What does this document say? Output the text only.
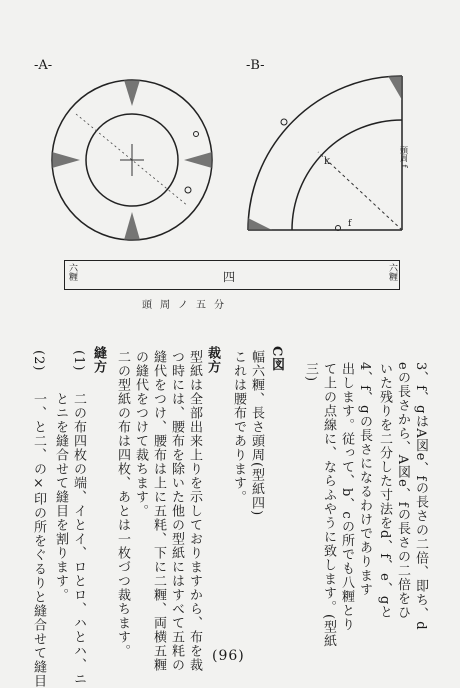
-A-	-B-
k	頭周 f
f
六糎	四	六糎
頭周ノ五分
3、f、gはA図e、fの長さの二倍、即ち、d
eの長さから、A図e、fの長さの二倍をひ
いた残りを二分した寸法をd、f、e、gと
4、f、gの長さになるわけであります
出します。従って、b、cの所でも八糎とり
て上の点線に、ならふやうに致します。(型紙
三)
C図
幅六糎、長さ頭周(型紙四)
これは腰布であります。
裁方
型紙は全部出来上りを示しておりますから、布を裁
つ時には、腰布を除いた他の型紙にはすべて五粍の
縫代をつけ、腰布は上に五粍、下に二糎、両横五糎
の縫代をつけて裁ちます。
二の型紙の布は四枚、あとは一枚づつ裁ちます。
縫方
(1)
二の布四枚の端、イとイ、ロとロ、ハとハ、ニ
とニを縫合せて縫目を割ります。
(2)
一、と二、の×印の所をぐるりと縫合せて縫目	(96)
